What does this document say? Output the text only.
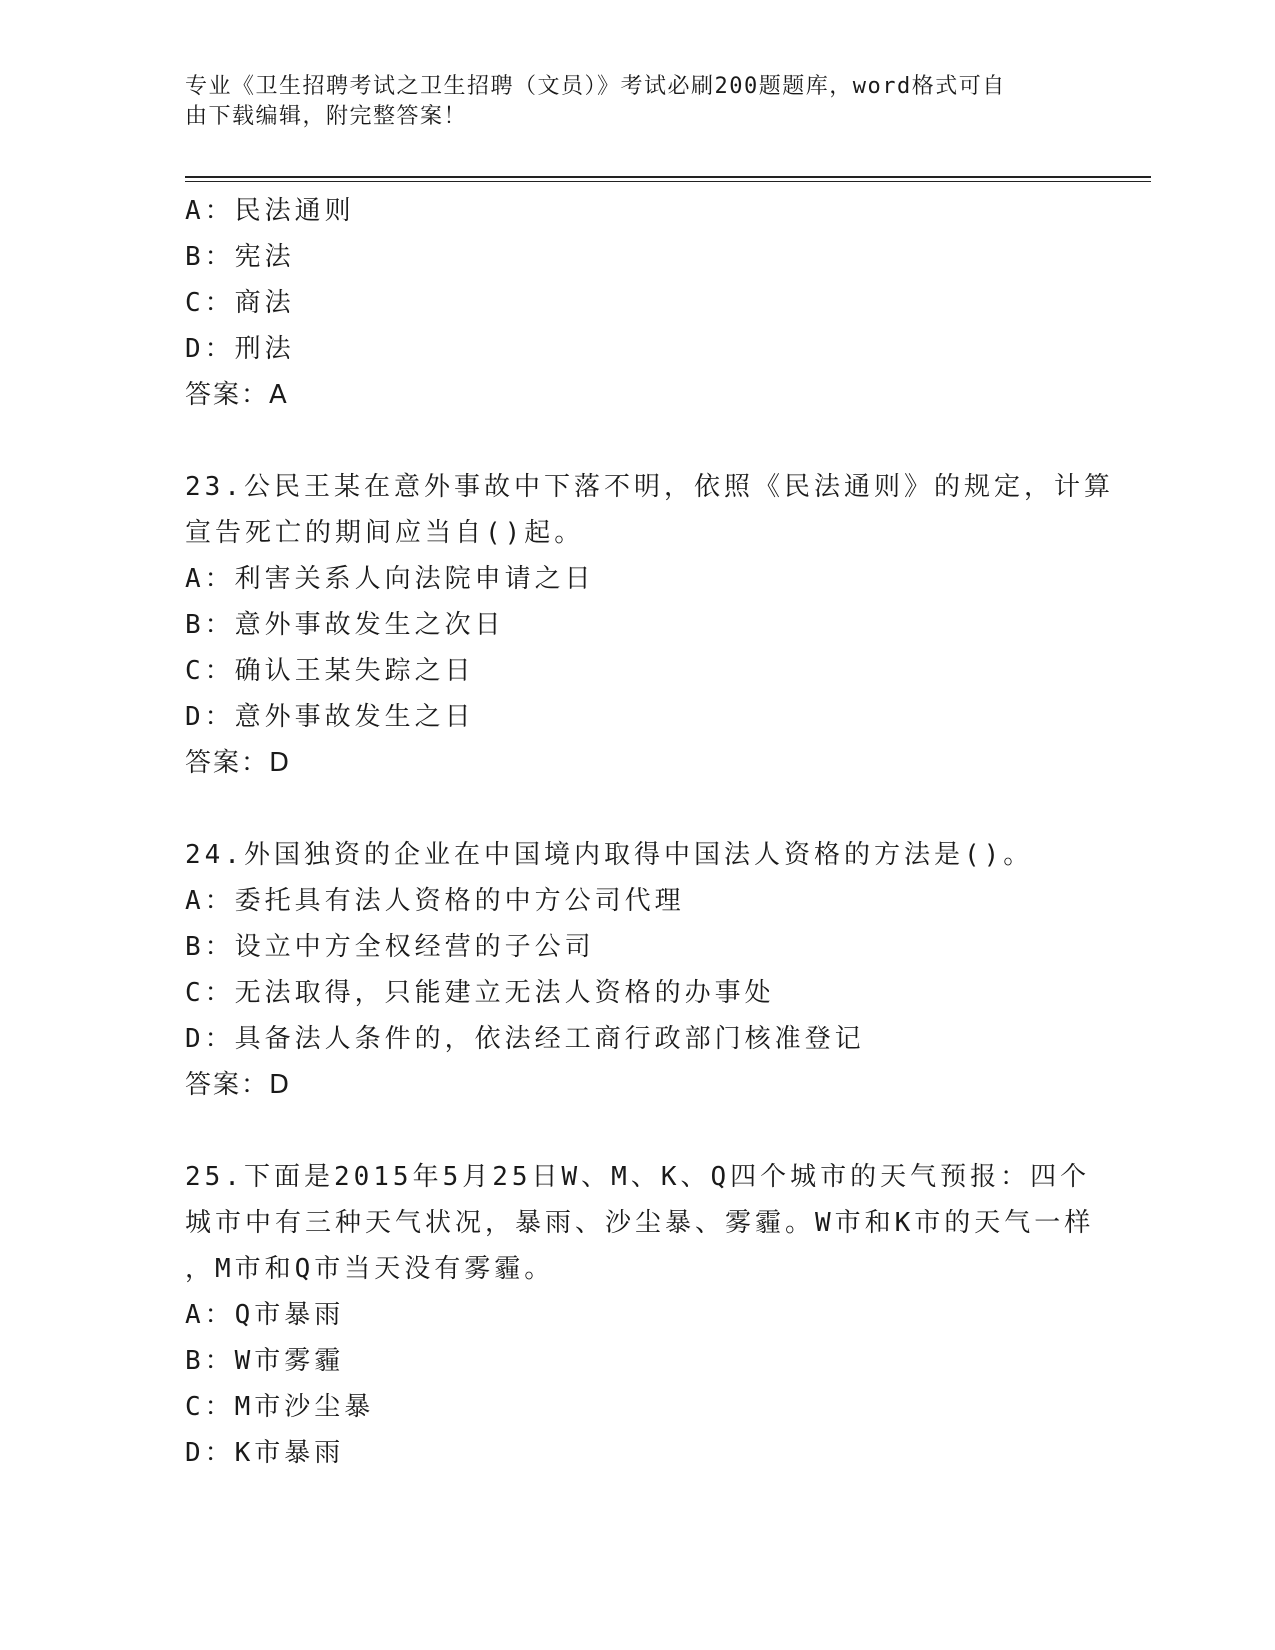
专业《卫生招聘考试之卫生招聘（文员）》考试必刷200题题库，word格式可自
由下载编辑，附完整答案！
A：民法通则
B：宪法
C：商法
D：刑法
答案：A
23.公民王某在意外事故中下落不明，依照《民法通则》的规定，计算
宣告死亡的期间应当自()起。
A：利害关系人向法院申请之日
B：意外事故发生之次日
C：确认王某失踪之日
D：意外事故发生之日
答案：D
24.外国独资的企业在中国境内取得中国法人资格的方法是()。
A：委托具有法人资格的中方公司代理
B：设立中方全权经营的子公司
C：无法取得，只能建立无法人资格的办事处
D：具备法人条件的，依法经工商行政部门核准登记
答案：D
25.下面是2015年5月25日W、M、K、Q四个城市的天气预报：四个
城市中有三种天气状况，暴雨、沙尘暴、雾霾。W市和K市的天气一样
，M市和Q市当天没有雾霾。
A：Q市暴雨
B：W市雾霾
C：M市沙尘暴
D：K市暴雨
